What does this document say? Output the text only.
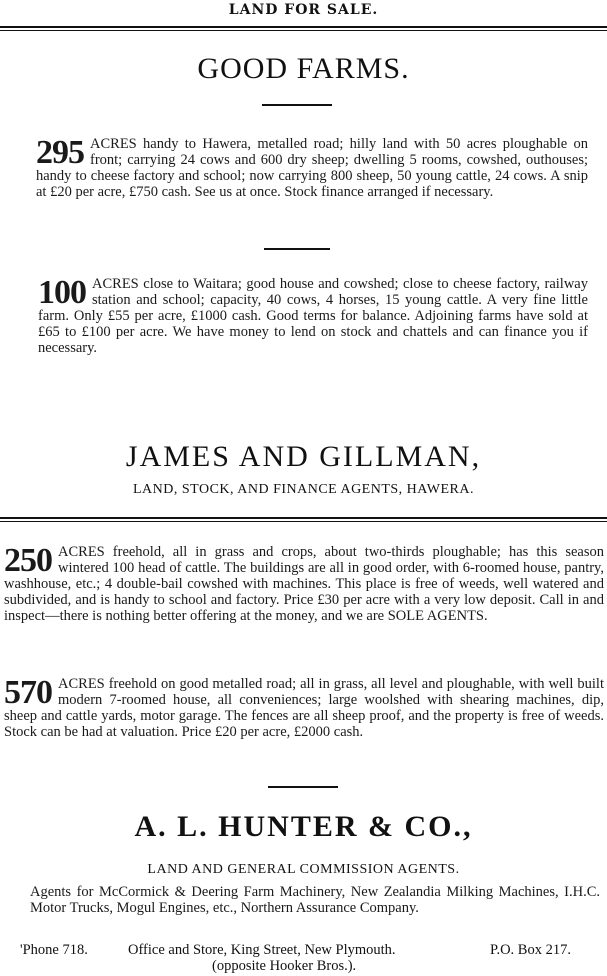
LAND FOR SALE.
GOOD FARMS.
295 ACRES handy to Hawera, metalled road; hilly land with 50 acres ploughable on front; carrying 24 cows and 600 dry sheep; dwelling 5 rooms, cowshed, outhouses; handy to cheese factory and school; now carrying 800 sheep, 50 young cattle, 24 cows. A snip at £20 per acre, £750 cash. See us at once. Stock finance arranged if necessary.
100 ACRES close to Waitara; good house and cowshed; close to cheese factory, railway station and school; capacity, 40 cows, 4 horses, 15 young cattle. A very fine little farm. Only £55 per acre, £1000 cash. Good terms for balance. Adjoining farms have sold at £65 to £100 per acre. We have money to lend on stock and chattels and can finance you if necessary.
JAMES AND GILLMAN,
LAND, STOCK, AND FINANCE AGENTS, HAWERA.
250 ACRES freehold, all in grass and crops, about two-thirds ploughable; has this season wintered 100 head of cattle. The buildings are all in good order, with 6-roomed house, pantry, washhouse, etc.; 4 double-bail cowshed with machines. This place is free of weeds, well watered and subdivided, and is handy to school and factory. Price £30 per acre with a very low deposit. Call in and inspect—there is nothing better offering at the money, and we are SOLE AGENTS.
570 ACRES freehold on good metalled road; all in grass, all level and ploughable, with well built modern 7-roomed house, all conveniences; large woolshed with shearing machines, dip, sheep and cattle yards, motor garage. The fences are all sheep proof, and the property is free of weeds. Stock can be had at valuation. Price £20 per acre, £2000 cash.
A. L. HUNTER & CO.,
LAND AND GENERAL COMMISSION AGENTS.
Agents for McCormick & Deering Farm Machinery, New Zealandia Milking Machines, I.H.C. Motor Trucks, Mogul Engines, etc., Northern Assurance Company.
'Phone 718.	Office and Store, King Street, New Plymouth.	P.O. Box 217.
(opposite Hooker Bros.).
